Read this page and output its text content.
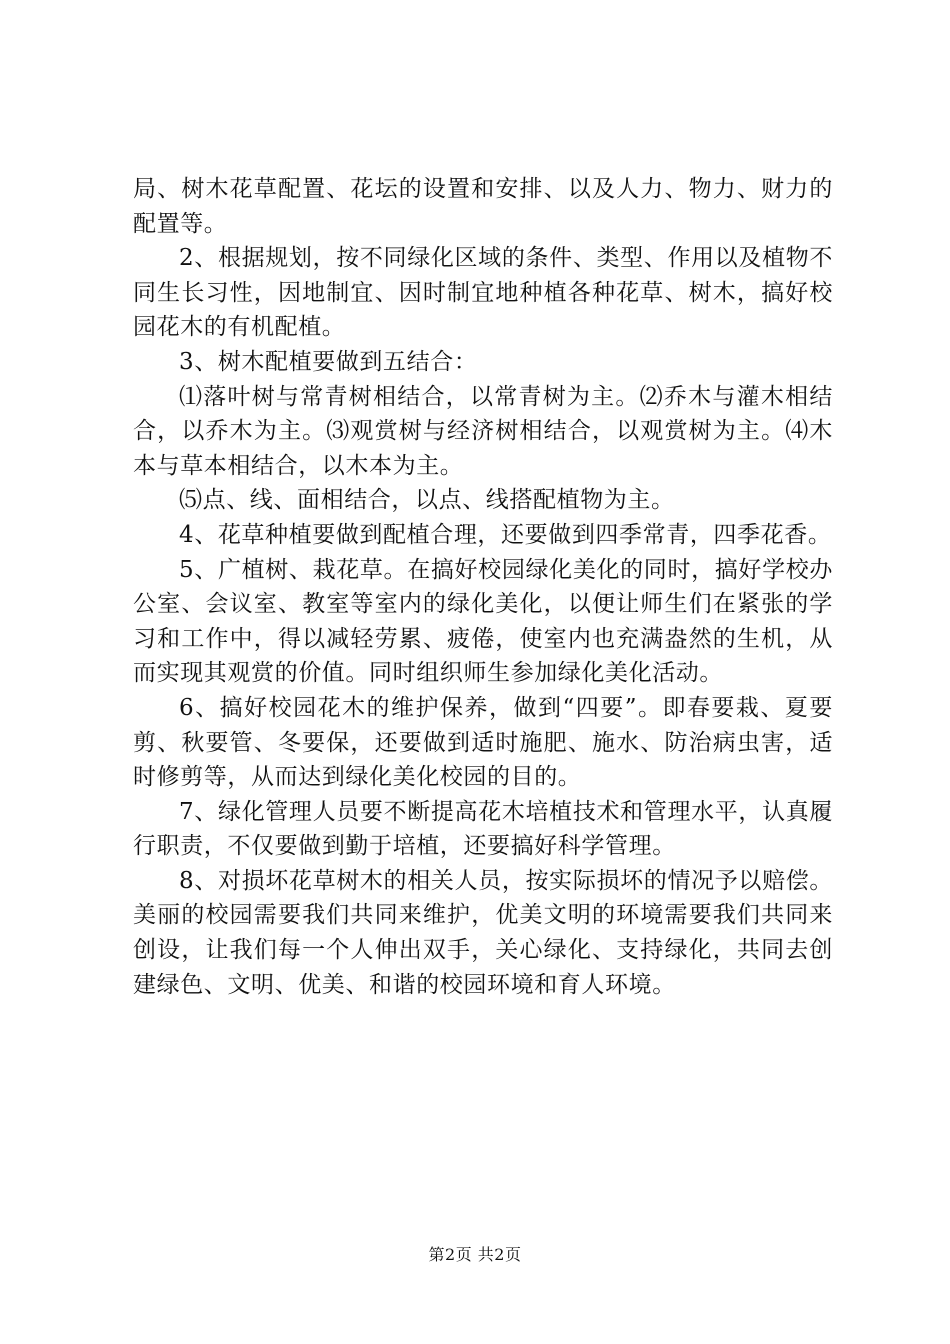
局、树木花草配置、花坛的设置和安排、以及人力、物力、财力的配置等。

2、根据规划，按不同绿化区域的条件、类型、作用以及植物不同生长习性，因地制宜、因时制宜地种植各种花草、树木，搞好校园花木的有机配植。

3、树木配植要做到五结合：

⑴落叶树与常青树相结合，以常青树为主。⑵乔木与灌木相结合，以乔木为主。⑶观赏树与经济树相结合，以观赏树为主。⑷木本与草本相结合，以木本为主。

⑸点、线、面相结合，以点、线搭配植物为主。

4、花草种植要做到配植合理，还要做到四季常青，四季花香。

5、广植树、栽花草。在搞好校园绿化美化的同时，搞好学校办公室、会议室、教室等室内的绿化美化，以便让师生们在紧张的学习和工作中，得以减轻劳累、疲倦，使室内也充满盎然的生机，从而实现其观赏的价值。同时组织师生参加绿化美化活动。

6、搞好校园花木的维护保养，做到“四要”。即春要栽、夏要剪、秋要管、冬要保，还要做到适时施肥、施水、防治病虫害，适时修剪等，从而达到绿化美化校园的目的。

7、绿化管理人员要不断提高花木培植技术和管理水平，认真履行职责，不仅要做到勤于培植，还要搞好科学管理。

8、对损坏花草树木的相关人员，按实际损坏的情况予以赔偿。美丽的校园需要我们共同来维护，优美文明的环境需要我们共同来创设，让我们每一个人伸出双手，关心绿化、支持绿化，共同去创建绿色、文明、优美、和谐的校园环境和育人环境。

第2页 共2页
